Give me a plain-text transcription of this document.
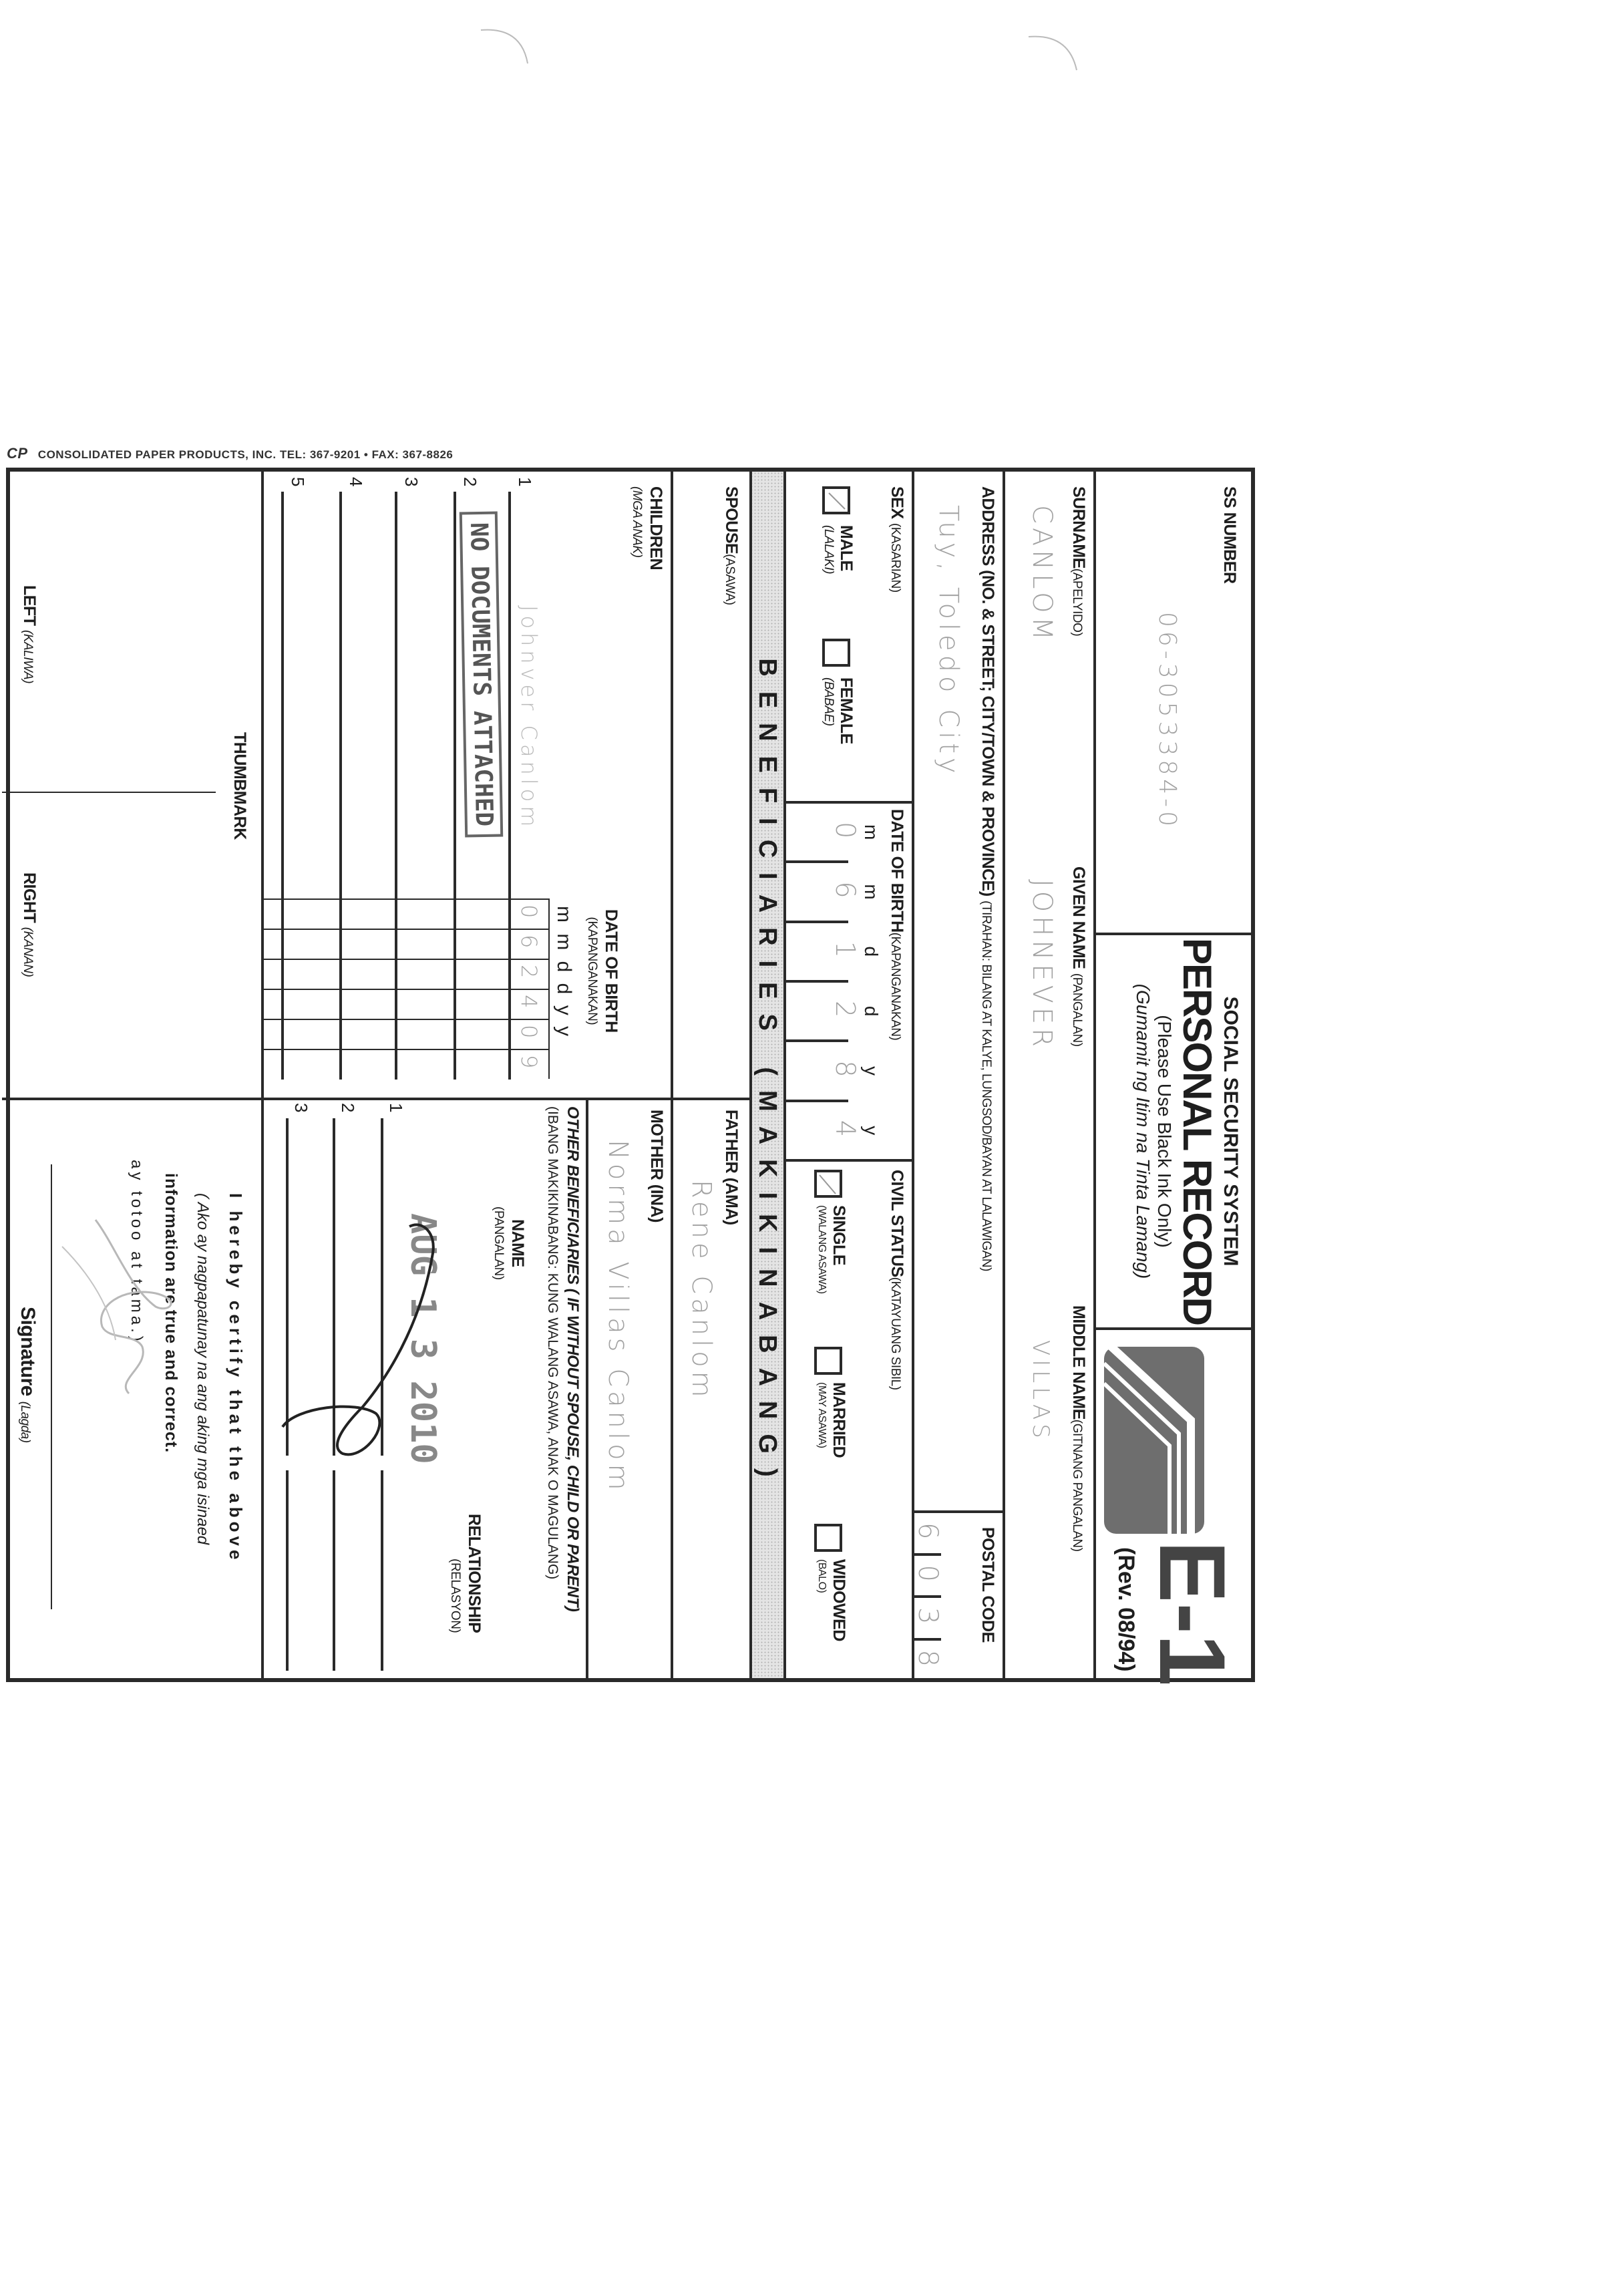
CP CONSOLIDATED PAPER PRODUCTS, INC. TEL: 367-9201 • FAX: 367-8826
SS NUMBER
06-3053384-0
SOCIAL SECURITY SYSTEM
PERSONAL RECORD
(Please Use Black Ink Only)
(Gumamit ng Itim na Tinta Lamang)
E-1
(Rev. 08/94)
SURNAME(APELYIDO)
CANLOM
GIVEN NAME (PANGALAN)
JOHNEVER
MIDDLE NAME(GITNANG PANGALAN)
VILLAS
ADDRESS (NO. & STREET; CITY/TOWN & PROVINCE) (TIRAHAN: BILANG AT KALYE, LUNGSOD/BAYAN AT LALAWIGAN)
Tuy, Toledo City
POSTAL CODE
6
0
3
8
SEX (KASARIAN)
MALE
(LALAKI)
FEMALE
(BABAE)
DATE OF BIRTH(KAPANGANAKAN)
m
0
m
6
d
1
d
2
y
8
y
4
CIVIL STATUS(KATAYUANG SIBIL)
SINGLE
(WALANG ASAWA)
MARRIED
(MAY ASAWA)
WIDOWED
(BALO)
BENEFICIARIES (MAKIKINABANG)
SPOUSE(ASAWA)
FATHER (AMA)
Rene Canlom
CHILDREN
(MGA ANAK)
DATE OF BIRTH
(KAPANGANAKAN)
m m d d y y
1
Johnver Canlom
0
6
2
4
0
9
2
3
4
5
NO DOCUMENTS ATTACHED
MOTHER (INA)
Norma Villas Canlom
OTHER BENEFICIARIES ( IF WITHOUT SPOUSE, CHILD OR PARENT)
(IBANG MAKIKINABANG: KUNG WALANG ASAWA, ANAK O MAGULANG)
NAME
(PANGALAN)
RELATIONSHIP
(RELASYON)
1
2
3
AUG 1 3 2010
THUMBMARK
LEFT (KALIWA)
RIGHT (KANAN)
I hereby certify that the above
( Ako ay nagpapatunay na ang aking mga isinaed
information are true and correct.
ay totoo at tama.)
Signature (Lagda)
